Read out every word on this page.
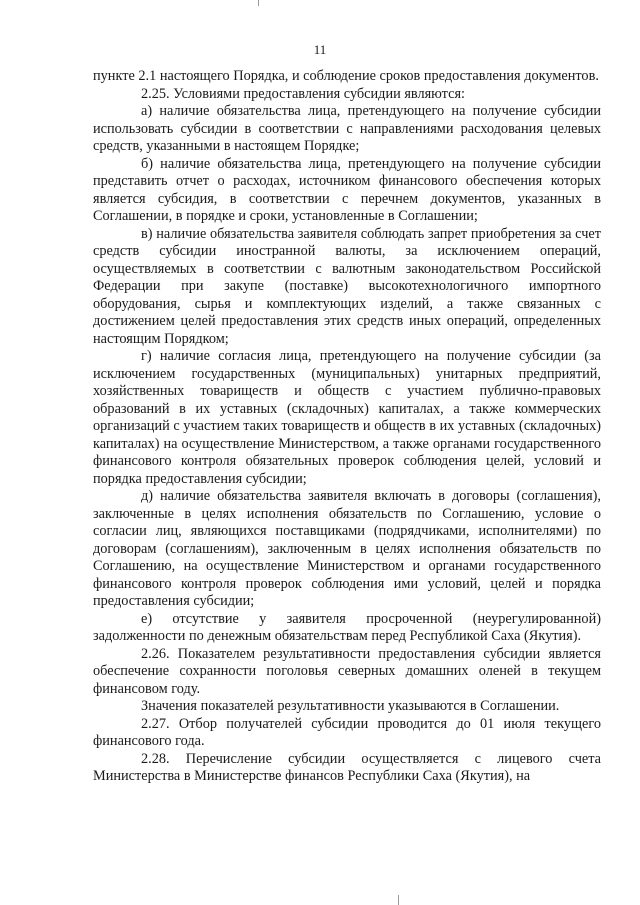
11

пункте 2.1 настоящего Порядка, и соблюдение сроков предоставления документов.

2.25. Условиями предоставления субсидии являются:

а) наличие обязательства лица, претендующего на получение субсидии использовать субсидии в соответствии с направлениями расходования целевых средств, указанными в настоящем Порядке;

б) наличие обязательства лица, претендующего на получение субсидии представить отчет о расходах, источником финансового обеспечения которых является субсидия, в соответствии с перечнем документов, указанных в Соглашении, в порядке и сроки, установленные в Соглашении;

в) наличие обязательства заявителя соблюдать запрет приобретения за счет средств субсидии иностранной валюты, за исключением операций, осуществляемых в соответствии с валютным законодательством Российской Федерации при закупе (поставке) высокотехнологичного импортного оборудования, сырья и комплектующих изделий, а также связанных с достижением целей предоставления этих средств иных операций, определенных настоящим Порядком;

г) наличие согласия лица, претендующего на получение субсидии (за исключением государственных (муниципальных) унитарных предприятий, хозяйственных товариществ и обществ с участием публично-правовых образований в их уставных (складочных) капиталах, а также коммерческих организаций с участием таких товариществ и обществ в их уставных (складочных) капиталах) на осуществление Министерством, а также органами государственного финансового контроля обязательных проверок соблюдения целей, условий и порядка предоставления субсидии;

д) наличие обязательства заявителя включать в договоры (соглашения), заключенные в целях исполнения обязательств по Соглашению, условие о согласии лиц, являющихся поставщиками (подрядчиками, исполнителями) по договорам (соглашениям), заключенным в целях исполнения обязательств по Соглашению, на осуществление Министерством и органами государственного финансового контроля проверок соблюдения ими условий, целей и порядка предоставления субсидии;

е) отсутствие у заявителя просроченной (неурегулированной) задолженности по денежным обязательствам перед Республикой Саха (Якутия).

2.26. Показателем результативности предоставления субсидии является обеспечение сохранности поголовья северных домашних оленей в текущем финансовом году.

Значения показателей результативности указываются в Соглашении.

2.27. Отбор получателей субсидии проводится до 01 июля текущего финансового года.

2.28. Перечисление субсидии осуществляется с лицевого счета Министерства в Министерстве финансов Республики Саха (Якутия), на
